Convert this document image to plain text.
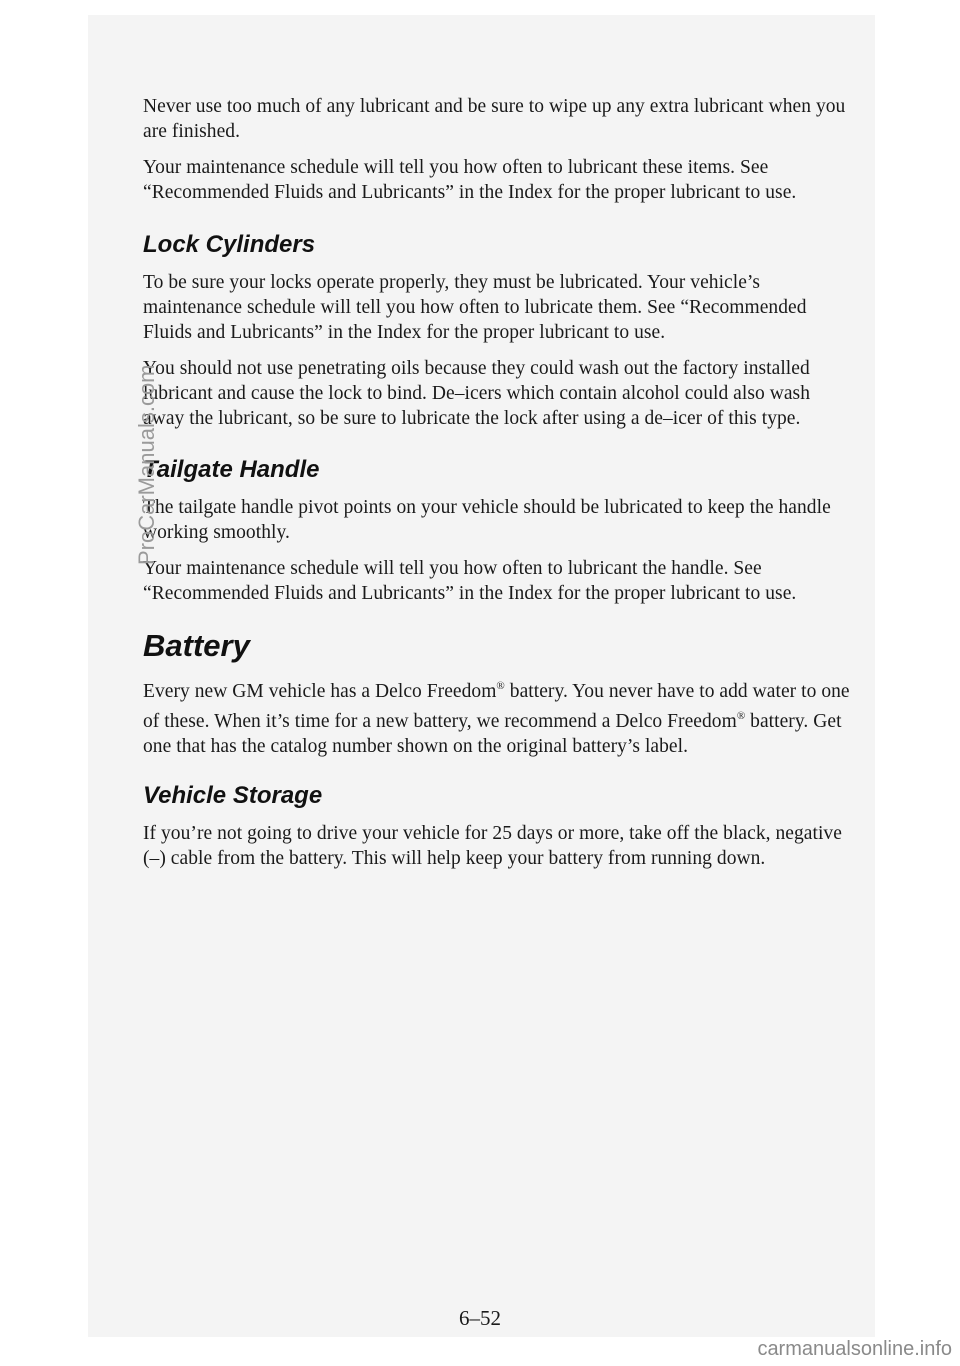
Never use too much of any lubricant and be sure to wipe up any extra lubricant when you are finished.

Your maintenance schedule will tell you how often to lubricant these items. See “Recommended Fluids and Lubricants” in the Index for the proper lubricant to use.

Lock Cylinders

To be sure your locks operate properly, they must be lubricated. Your vehicle’s maintenance schedule will tell you how often to lubricate them. See “Recommended Fluids and Lubricants” in the Index for the proper lubricant to use.

You should not use penetrating oils because they could wash out the factory installed lubricant and cause the lock to bind. De–icers which contain alcohol could also wash away the lubricant, so be sure to lubricate the lock after using a de–icer of this type.

Tailgate Handle

The tailgate handle pivot points on your vehicle should be lubricated to keep the handle working smoothly.

Your maintenance schedule will tell you how often to lubricant the handle. See “Recommended Fluids and Lubricants” in the Index for the proper lubricant to use.

Battery

Every new GM vehicle has a Delco Freedom® battery. You never have to add water to one of these. When it’s time for a new battery, we recommend a Delco Freedom® battery. Get one that has the catalog number shown on the original battery’s label.

Vehicle Storage

If you’re not going to drive your vehicle for 25 days or more, take off the black, negative (–) cable from the battery. This will help keep your battery from running down.

6–52
ProCarManuals.com
carmanualsonline.info
